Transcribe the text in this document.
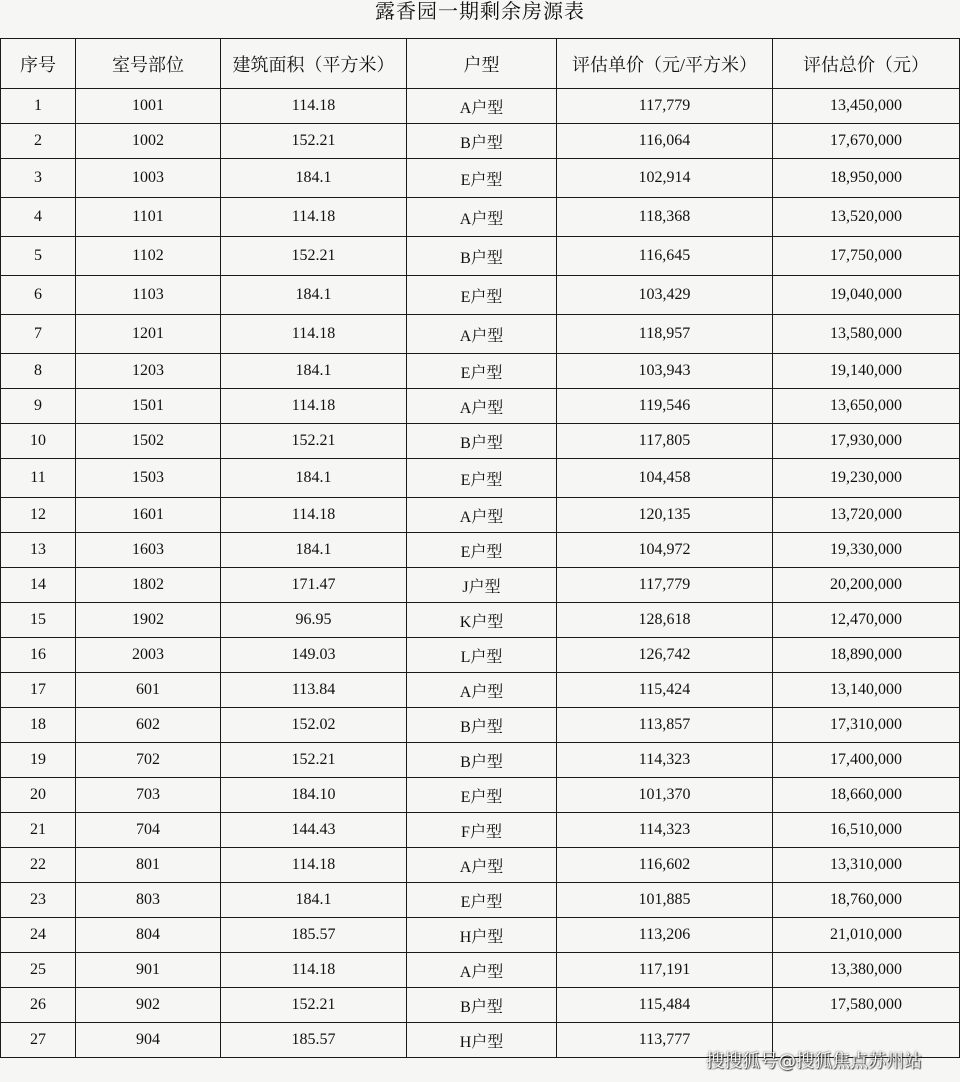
露香园一期剩余房源表
序号	室号部位	建筑面积（平方米）	户型	评估单价（元/平方米）	评估总价（元）
1	1001	114.18	A户型	117,779	13,450,000
2	1002	152.21	B户型	116,064	17,670,000
3	1003	184.1	E户型	102,914	18,950,000
4	1101	114.18	A户型	118,368	13,520,000
5	1102	152.21	B户型	116,645	17,750,000
6	1103	184.1	E户型	103,429	19,040,000
7	1201	114.18	A户型	118,957	13,580,000
8	1203	184.1	E户型	103,943	19,140,000
9	1501	114.18	A户型	119,546	13,650,000
10	1502	152.21	B户型	117,805	17,930,000
11	1503	184.1	E户型	104,458	19,230,000
12	1601	114.18	A户型	120,135	13,720,000
13	1603	184.1	E户型	104,972	19,330,000
14	1802	171.47	J户型	117,779	20,200,000
15	1902	96.95	K户型	128,618	12,470,000
16	2003	149.03	L户型	126,742	18,890,000
17	601	113.84	A户型	115,424	13,140,000
18	602	152.02	B户型	113,857	17,310,000
19	702	152.21	B户型	114,323	17,400,000
20	703	184.10	E户型	101,370	18,660,000
21	704	144.43	F户型	114,323	16,510,000
22	801	114.18	A户型	116,602	13,310,000
23	803	184.1	E户型	101,885	18,760,000
24	804	185.57	H户型	113,206	21,010,000
25	901	114.18	A户型	117,191	13,380,000
26	902	152.21	B户型	115,484	17,580,000
27	904	185.57	H户型	113,777	
搜搜狐号@搜狐焦点苏州站
